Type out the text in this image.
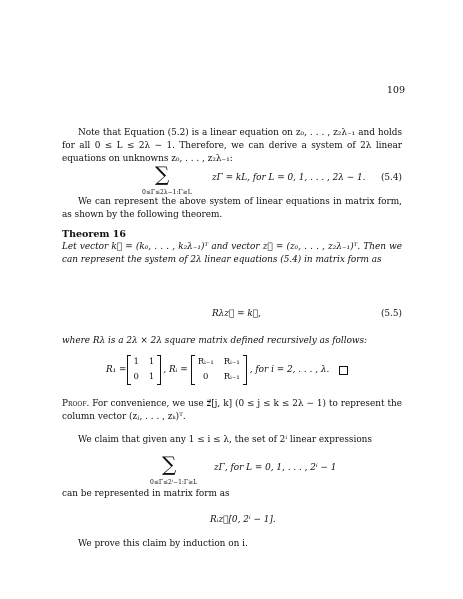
109
Note that Equation (5.2) is a linear equation on z₀, . . . , z₂λ₋₁ and holds for all 0 ≤ L ≤ 2λ − 1. Therefore, we can derive a system of 2λ linear equations on unknowns z₀, . . . , z₂λ₋₁:
∑
0≤Γ≤2λ−1:Γ≥L
zΓ = kL, for L = 0, 1, . . . , 2λ − 1. (5.4)
We can represent the above system of linear equations in matrix form, as shown by the following theorem.
Theorem 16
Let vector k⃗ = (k₀, . . . , k₂λ₋₁)ᵀ and vector z⃗ = (z₀, . . . , z₂λ₋₁)ᵀ. Then we can represent the system of 2λ linear equations (5.4) in matrix form as
Rλz⃗ = k⃗,	(5.5)
where Rλ is a 2λ × 2λ square matrix defined recursively as follows:
R₁ =
1 1
0 1
, Rᵢ =
Rᵢ₋₁ Rᵢ₋₁
0	Rᵢ₋₁
, for i = 2, . . . , λ.
Proof. For convenience, we use z⃗[j, k] (0 ≤ j ≤ k ≤ 2λ − 1) to represent the column vector (zⱼ, . . . , zₖ)ᵀ.
We claim that given any 1 ≤ i ≤ λ, the set of 2ⁱ linear expressions
∑
0≤Γ≤2ⁱ−1:Γ≥L
zΓ, for L = 0, 1, . . . , 2ⁱ − 1
can be represented in matrix form as
Rᵢz⃗[0, 2ⁱ − 1].
We prove this claim by induction on i.
